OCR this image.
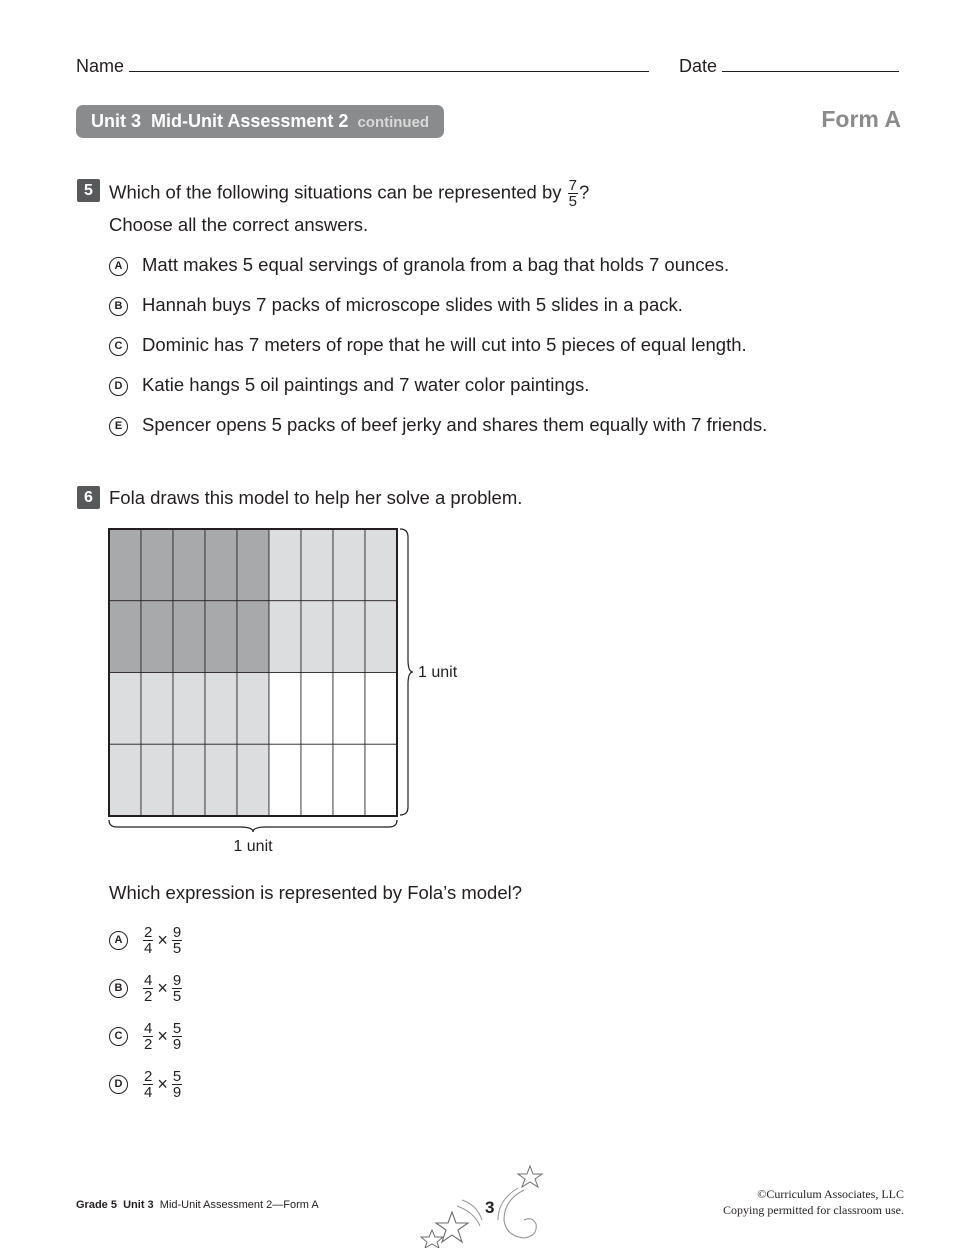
Name	Date
Unit 3 Mid-Unit Assessment 2 continued	Form A
5 Which of the following situations can be represented by $\frac{7}{5}$ ?
Choose all the correct answers.
A Matt makes 5 equal servings of granola from a bag that holds 7 ounces.
B Hannah buys 7 packs of microscope slides with 5 slides in a pack.
C Dominic has 7 meters of rope that he will cut into 5 pieces of equal length.
D Katie hangs 5 oil paintings and 7 water color paintings.
E Spencer opens 5 packs of beef jerky and shares them equally with 7 friends.
6 Fola draws this model to help her solve a problem.
1 unit
1 unit
Which expression is represented by Fola’s model?
A $\frac{2}{4} \times \frac{9}{5}$
B $\frac{4}{2} \times \frac{9}{5}$
C $\frac{4}{2} \times \frac{5}{9}$
D $\frac{2}{4} \times \frac{5}{9}$
Grade 5 Unit 3 Mid-Unit Assessment 2—Form A	3
©Curriculum Associates, LLC
Copying permitted for classroom use.
